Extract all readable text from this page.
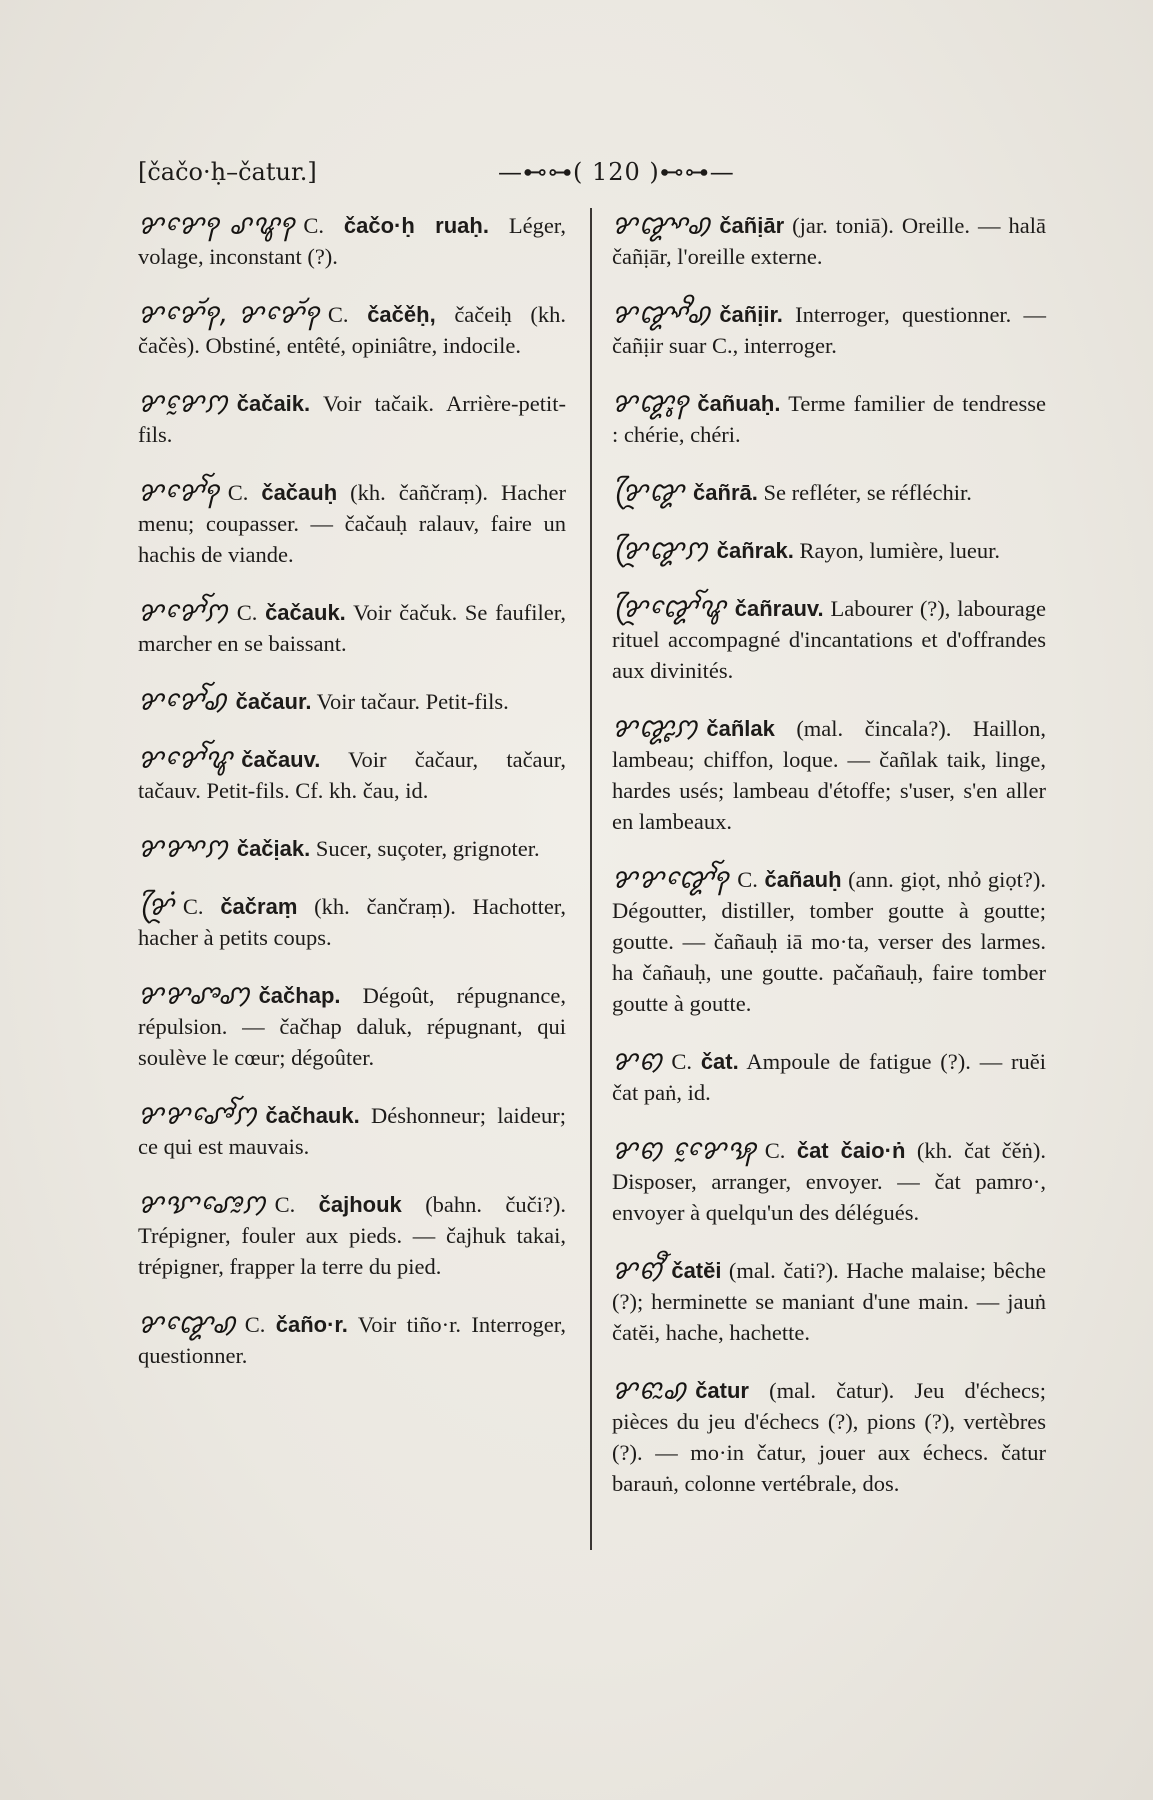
[čačo·ḥ–čatur.]	—⊷⊶( 120 )⊷⊶—

ꨌꨌꨯꩍ ꨣꨥꩍ C. čačo·ḥ ruaḥ. Léger, volage, inconstant (?).

ꨌꨌꨯꨮꩍ, ꨌꨌꨯꨮꩍ C. čačěḥ, čačeiḥ (kh. čačès). Obstiné, entêté, opiniâtre, indocile.

ꨌꨌꨰꩀ čačaik. Voir tačaik. Arrière-petit-fils.

ꨌꨌꨯꨱꩍ C. čačauḥ (kh. čañčraṃ). Hacher menu; coupasser. — čačauḥ ralauv, faire un hachis de viande.

ꨌꨌꨯꨱꩀ C. čačauk. Voir čačuk. Se faufiler, marcher en se baissant.

ꨌꨌꨯꨱꩉ čačaur. Voir tačaur. Petit-fils.

ꨌꨌꨯꨱꨥ čačauv. Voir čačaur, tačaur, tačauv. Petit-fils. Cf. kh. čau, id.

ꨌꨌꨳꩀ čačịak. Sucer, suçoter, grignoter.

ꨌꨴꩌ C. čačraṃ (kh. čančraṃ). Hachotter, hacher à petits coups.

ꨌꨌꨨꩇ čačhap. Dégoût, répugnance, répulsion. — čačhap daluk, répugnant, qui soulève le cœur; dégoûter.

ꨌꨌꨨꨯꨱꩀ čačhauk. Déshonneur; laideur; ce qui est mauvais.

ꨌꨎꨨꨯꨭꩀ C. čajhouk (bahn. čuči?). Trépigner, fouler aux pieds. — čajhuk takai, trépigner, frapper la terre du pied.

ꨌꨑꨯꩉ C. čaño·r. Voir tiño·r. Interroger, questionner.

ꨌꨑꨳꩉ čañịār (jar. toniā). Oreille. — halā čañịār, l'oreille externe.

ꨌꨑꨳꨪꩉ čañịir. Interroger, questionner. — čañịir suar C., interroger.

ꨌꨑꨶꩍ čañuaḥ. Terme familier de tendresse : chérie, chéri.

ꨌꨴꨑ čañrā. Se refléter, se réfléchir.

ꨌꨴꨑꩀ čañrak. Rayon, lumière, lueur.

ꨌꨴꨑꨯꨱꨥ čañrauv. Labourer (?), labourage rituel accompagné d'incantations et d'offrandes aux divinités.

ꨌꨑꨵꩀ čañlak (mal. čincala?). Haillon, lambeau; chiffon, loque. — čañlak taik, linge, hardes usés; lambeau d'étoffe; s'user, s'en aller en lambeaux.

ꨌꨌꨑꨯꨱꩍ C. čañauḥ (ann. giọt, nhỏ giọt?). Dégoutter, distiller, tomber goutte à goutte; goutte. — čañauḥ iā mo·ta, verser des larmes. ha čañauḥ, une goutte. pačañauḥ, faire tomber goutte à goutte.

ꨌꩅ C. čat. Ampoule de fatigue (?). — ruĕi čat paṅ, id.

ꨌꩅ ꨌꨯꨰꩂ C. čat čaio·ṅ (kh. čat čěṅ). Disposer, arranger, envoyer. — čat pamro·, envoyer à quelqu'un des délégués.

ꨌꩅꨬ čatĕi (mal. čati?). Hache malaise; bêche (?); herminette se maniant d'une main. — jauṅ čatĕi, hache, hachette.

ꨌꨓꨭꩉ čatur (mal. čatur). Jeu d'échecs; pièces du jeu d'échecs (?), pions (?), vertèbres (?). — mo·in čatur, jouer aux échecs. čatur barauṅ, colonne vertébrale, dos.
